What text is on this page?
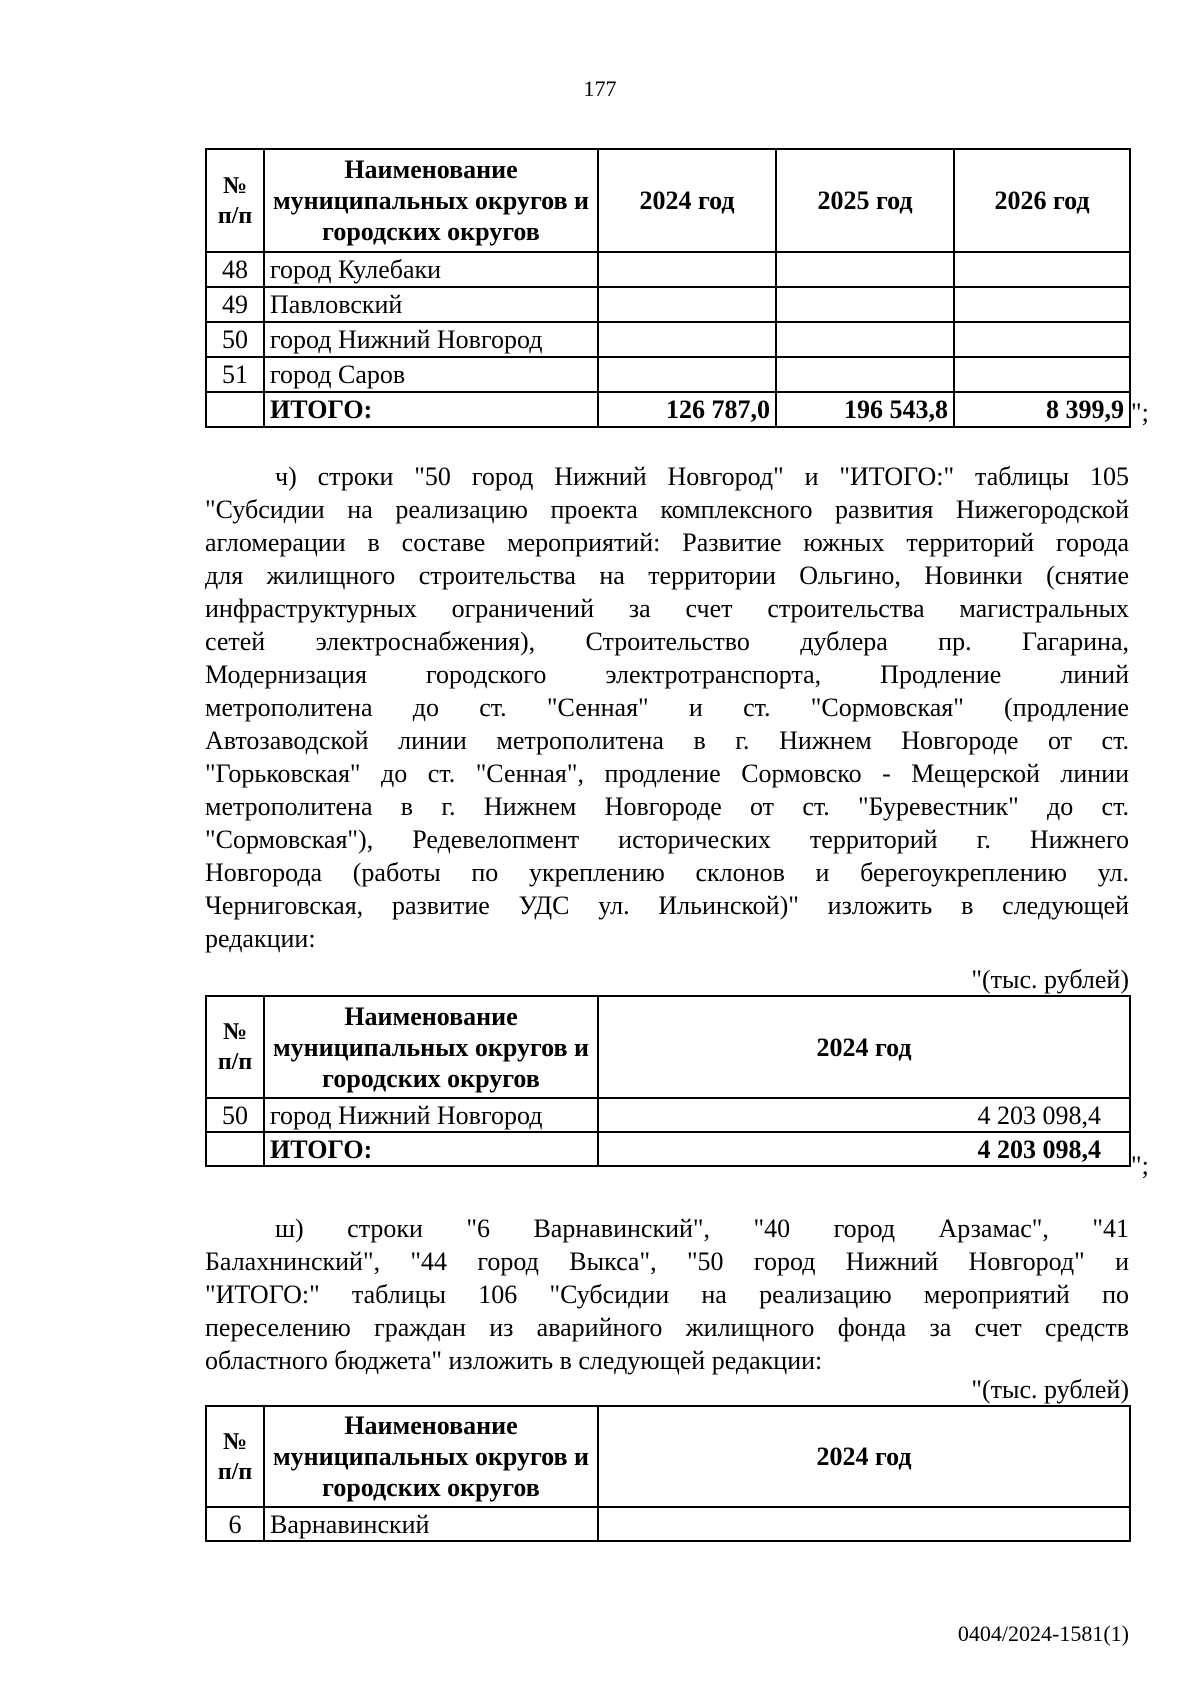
177
№ п/п	Наименование муниципальных округов и городских округов	2024 год	2025 год	2026 год
48	город Кулебаки			
49	Павловский			
50	город Нижний Новгород			
51	город Саров			
	ИТОГО:	126 787,0	196 543,8	8 399,9 ";
ч) строки "50 город Нижний Новгород" и "ИТОГО:" таблицы 105
"Субсидии на реализацию проекта комплексного развития Нижегородской
агломерации в составе мероприятий: Развитие южных территорий города
для жилищного строительства на территории Ольгино, Новинки (снятие
инфраструктурных ограничений за счет строительства магистральных
сетей электроснабжения), Строительство дублера пр. Гагарина,
Модернизация городского электротранспорта, Продление линий
метрополитена до ст. "Сенная" и ст. "Сормовская" (продление
Автозаводской линии метрополитена в г. Нижнем Новгороде от ст.
"Горьковская" до ст. "Сенная", продление Сормовско - Мещерской линии
метрополитена в г. Нижнем Новгороде от ст. "Буревестник" до ст.
"Сормовская"), Редевелопмент исторических территорий г. Нижнего
Новгорода (работы по укреплению склонов и берегоукреплению ул.
Черниговская, развитие УДС ул. Ильинской)" изложить в следующей
редакции:
"(тыс. рублей)
№ п/п	Наименование муниципальных округов и городских округов	2024 год
50	город Нижний Новгород	4 203 098,4
	ИТОГО:	4 203 098,4
";
ш) строки "6 Варнавинский", "40 город Арзамас", "41
Балахнинский", "44 город Выкса", "50 город Нижний Новгород" и
"ИТОГО:" таблицы 106 "Субсидии на реализацию мероприятий по
переселению граждан из аварийного жилищного фонда за счет средств
областного бюджета" изложить в следующей редакции:
"(тыс. рублей)
№ п/п	Наименование муниципальных округов и городских округов	2024 год
6	Варнавинский	
0404/2024-1581(1)
